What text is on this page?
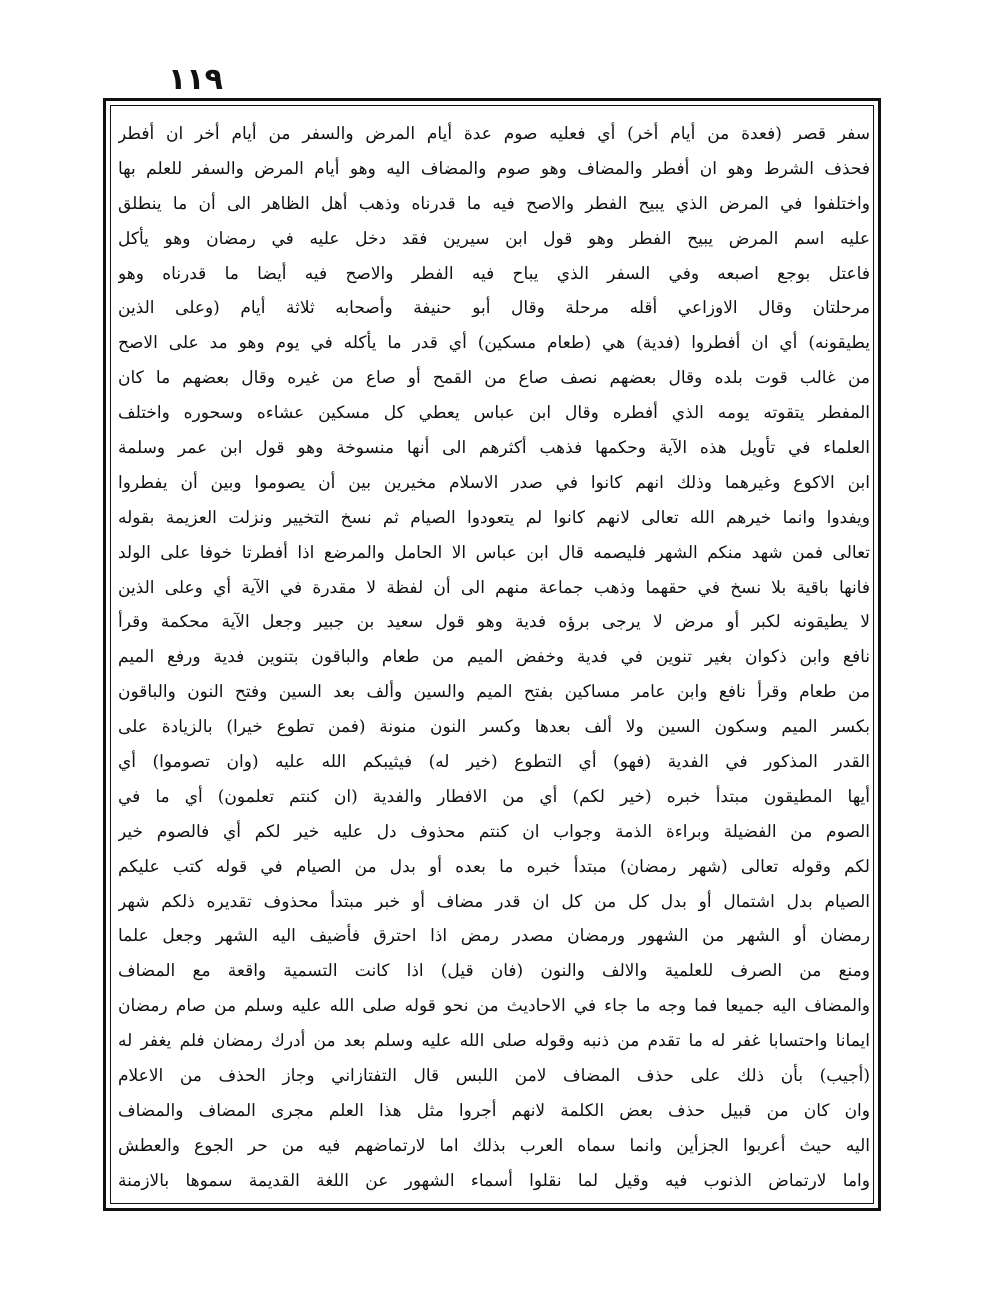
١١٩
سفر قصر (فعدة من أيام أخر) أي فعليه صوم عدة أيام المرض والسفر من أيام أخر ان أفطر
فحذف الشرط وهو ان أفطر والمضاف وهو صوم والمضاف اليه وهو أيام المرض والسفر للعلم بها
واختلفوا في المرض الذي يبيح الفطر والاصح فيه ما قدرناه وذهب أهل الظاهر الى أن ما ينطلق
عليه اسم المرض يبيح الفطر وهو قول ابن سيرين فقد دخل عليه في رمضان وهو يأكل
فاعتل بوجع اصبعه وفي السفر الذي يباح فيه الفطر والاصح فيه أيضا ما قدرناه وهو
مرحلتان وقال الاوزاعي أقله مرحلة وقال أبو حنيفة وأصحابه ثلاثة أيام (وعلى الذين
يطيقونه) أي ان أفطروا (فدية) هي (طعام مسكين) أي قدر ما يأكله في يوم وهو مد على الاصح
من غالب قوت بلده وقال بعضهم نصف صاع من القمح أو صاع من غيره وقال بعضهم ما كان
المفطر يتقوته يومه الذي أفطره وقال ابن عباس يعطي كل مسكين عشاءه وسحوره واختلف
العلماء في تأويل هذه الآية وحكمها فذهب أكثرهم الى أنها منسوخة وهو قول ابن عمر وسلمة
ابن الاكوع وغيرهما وذلك انهم كانوا في صدر الاسلام مخيرين بين أن يصوموا وبين أن يفطروا
ويفدوا وانما خيرهم الله تعالى لانهم كانوا لم يتعودوا الصيام ثم نسخ التخيير ونزلت العزيمة بقوله
تعالى فمن شهد منكم الشهر فليصمه قال ابن عباس الا الحامل والمرضع اذا أفطرتا خوفا على الولد
فانها باقية بلا نسخ في حقهما وذهب جماعة منهم الى أن لفظة لا مقدرة في الآية أي وعلى الذين
لا يطيقونه لكبر أو مرض لا يرجى برؤه فدية وهو قول سعيد بن جبير وجعل الآية محكمة وقرأ
نافع وابن ذكوان بغير تنوين في فدية وخفض الميم من طعام والباقون بتنوين فدية ورفع الميم
من طعام وقرأ نافع وابن عامر مساكين بفتح الميم والسين وألف بعد السين وفتح النون والباقون
بكسر الميم وسكون السين ولا ألف بعدها وكسر النون منونة (فمن تطوع خيرا) بالزيادة على
القدر المذكور في الفدية (فهو) أي التطوع (خير له) فيثيبكم الله عليه (وان تصوموا) أي
أيها المطيقون مبتدأ خبره (خير لكم) أي من الافطار والفدية (ان كنتم تعلمون) أي ما في
الصوم من الفضيلة وبراءة الذمة وجواب ان كنتم محذوف دل عليه خير لكم أي فالصوم خير
لكم وقوله تعالى (شهر رمضان) مبتدأ خبره ما بعده أو بدل من الصيام في قوله كتب عليكم
الصيام بدل اشتمال أو بدل كل من كل ان قدر مضاف أو خبر مبتدأ محذوف تقديره ذلكم شهر
رمضان أو الشهر من الشهور ورمضان مصدر رمض اذا احترق فأضيف اليه الشهر وجعل علما
ومنع من الصرف للعلمية والالف والنون (فان قيل) اذا كانت التسمية واقعة مع المضاف
والمضاف اليه جميعا فما وجه ما جاء في الاحاديث من نحو قوله صلى الله عليه وسلم من صام رمضان
ايمانا واحتسابا غفر له ما تقدم من ذنبه وقوله صلى الله عليه وسلم بعد من أدرك رمضان فلم يغفر له
(أجيب) بأن ذلك على حذف المضاف لامن اللبس قال التفتازاني وجاز الحذف من الاعلام
وان كان من قبيل حذف بعض الكلمة لانهم أجروا مثل هذا العلم مجرى المضاف والمضاف
اليه حيث أعربوا الجزأين وانما سماه العرب بذلك اما لارتماضهم فيه من حر الجوع والعطش
واما لارتماض الذنوب فيه وقيل لما نقلوا أسماء الشهور عن اللغة القديمة سموها بالازمنة
